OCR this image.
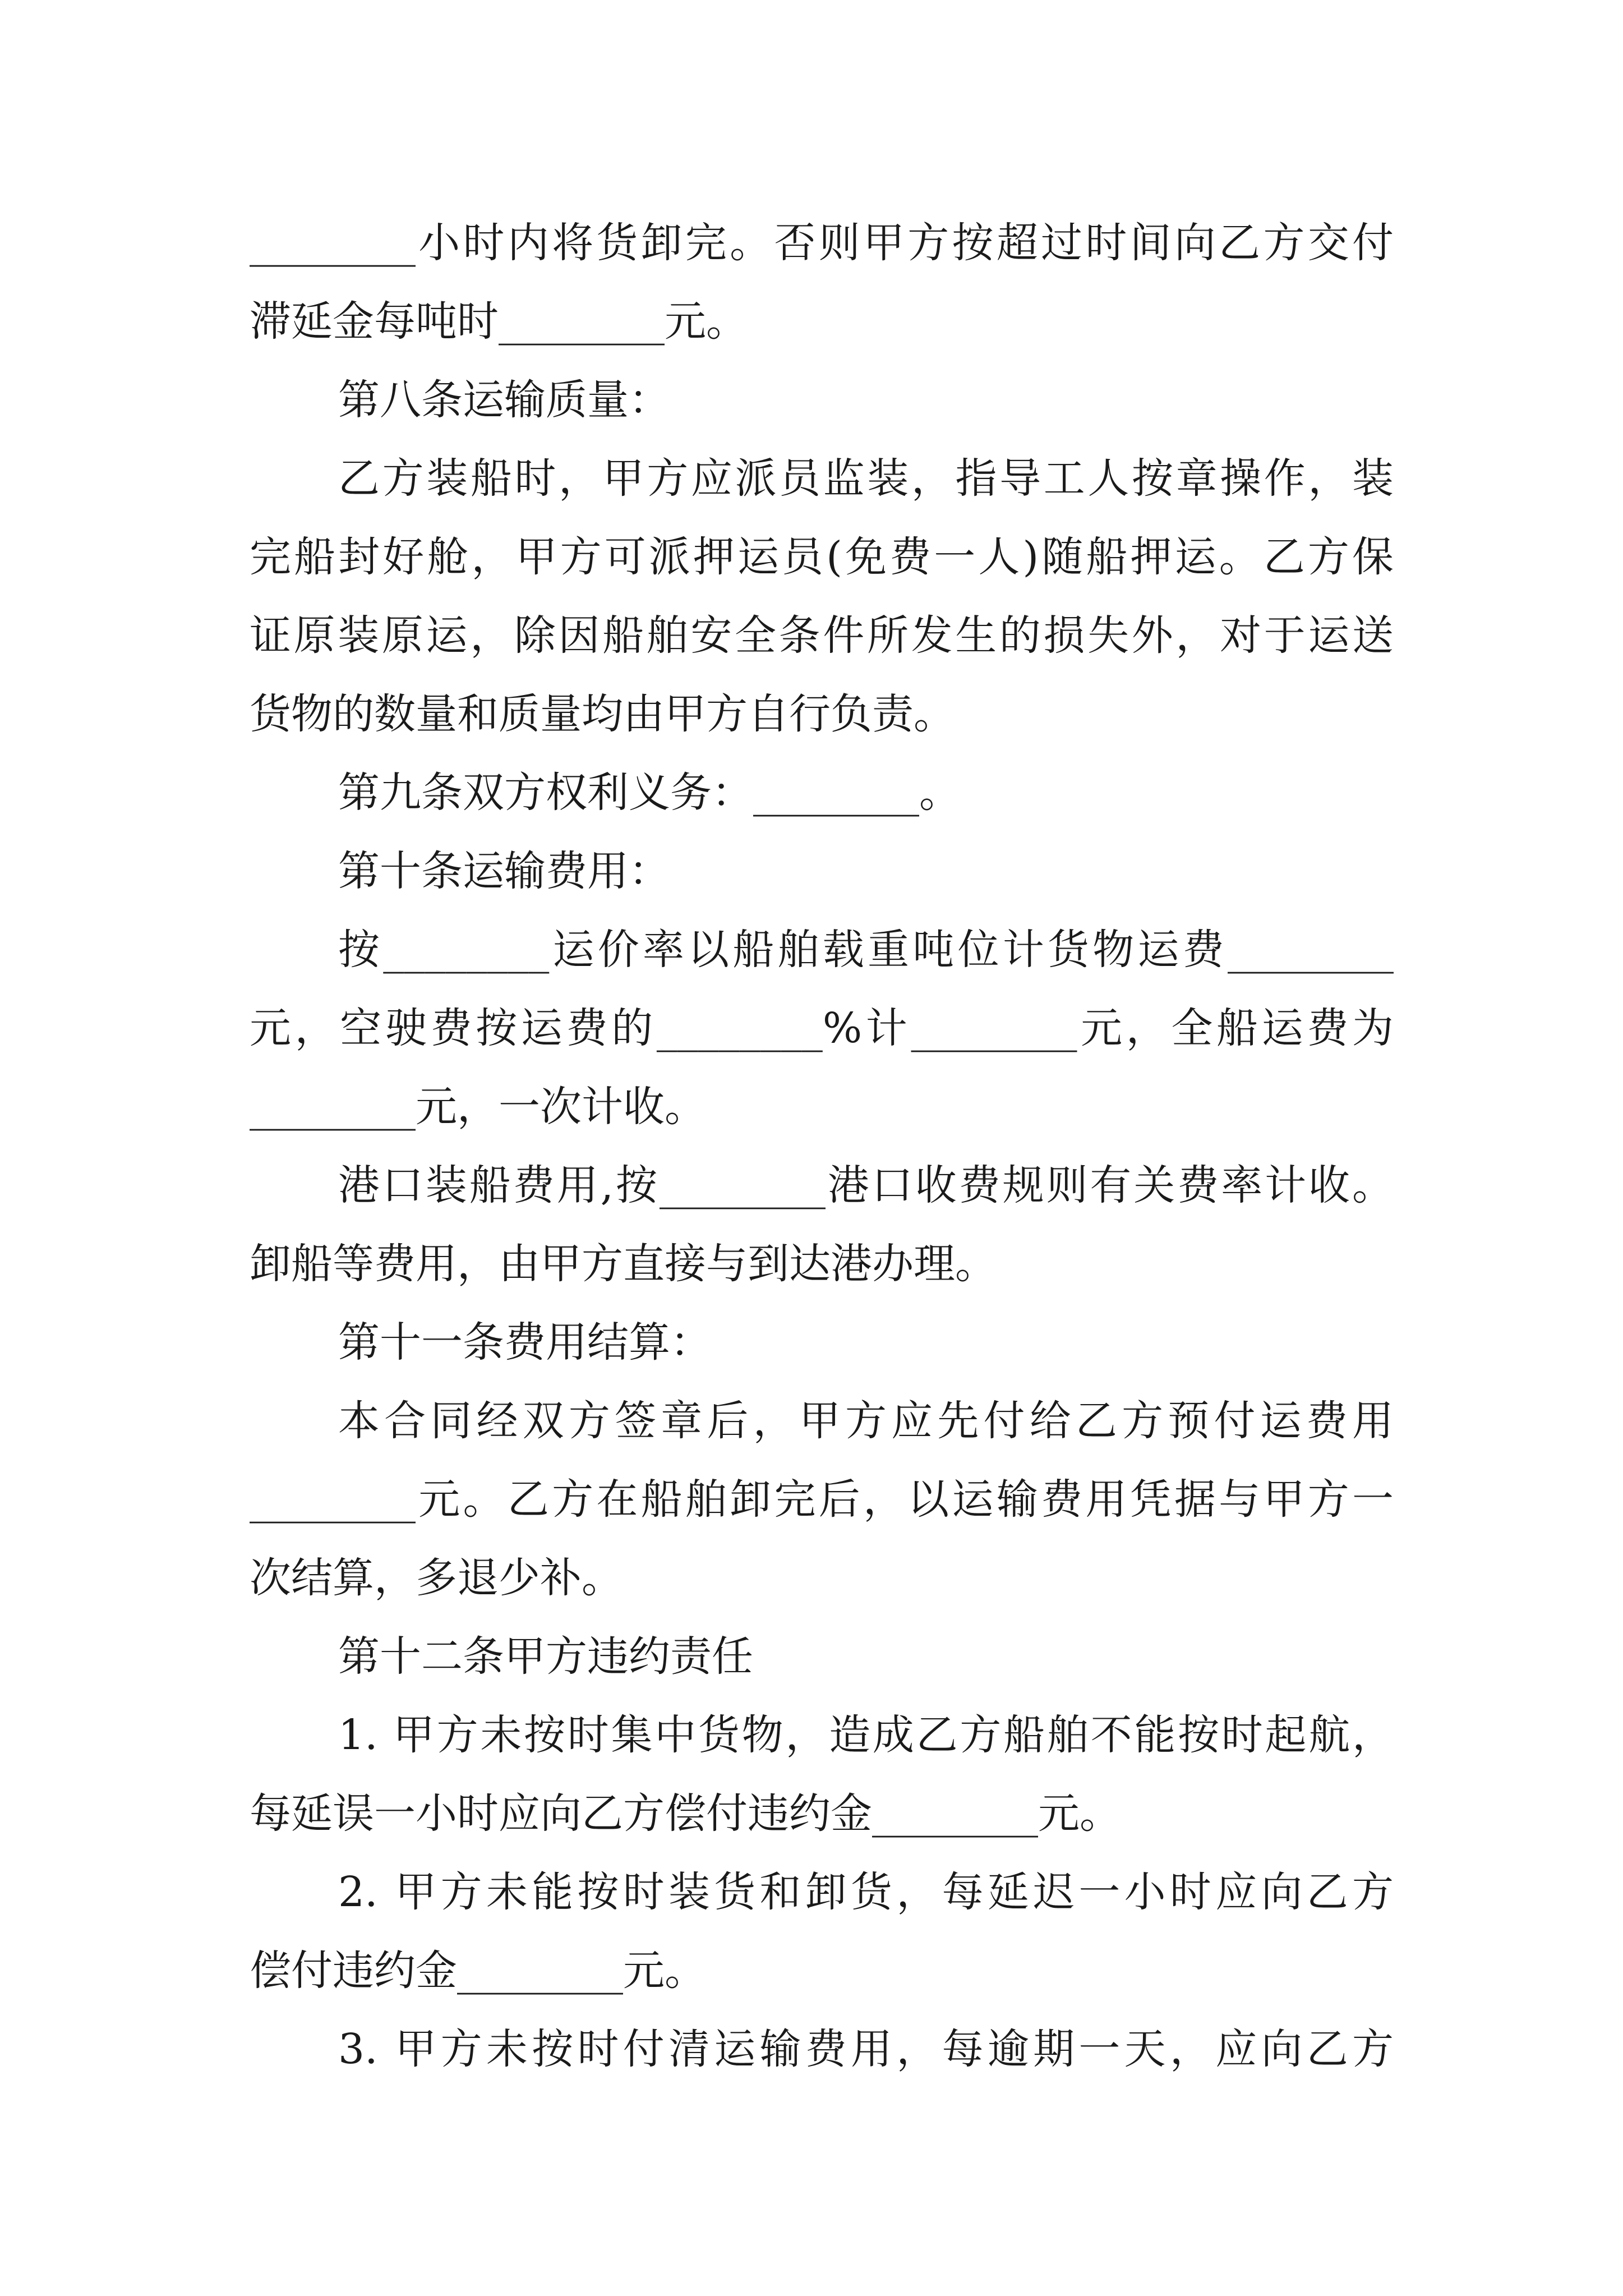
________小时内将货卸完。否则甲方按超过时间向乙方交付
滞延金每吨时________元。
第八条运输质量：
乙方装船时，甲方应派员监装，指导工人按章操作，装
完船封好舱，甲方可派押运员(免费一人)随船押运。乙方保
证原装原运，除因船舶安全条件所发生的损失外，对于运送
货物的数量和质量均由甲方自行负责。
第九条双方权利义务：________。
第十条运输费用：
按________运价率以船舶载重吨位计货物运费________
元，空驶费按运费的________%计________元，全船运费为
________元，一次计收。
港口装船费用,按________港口收费规则有关费率计收。
卸船等费用，由甲方直接与到达港办理。
第十一条费用结算：
本合同经双方签章后，甲方应先付给乙方预付运费用
________元。乙方在船舶卸完后，以运输费用凭据与甲方一
次结算，多退少补。
第十二条甲方违约责任
1. 甲方未按时集中货物，造成乙方船舶不能按时起航，
每延误一小时应向乙方偿付违约金________元。
2. 甲方未能按时装货和卸货，每延迟一小时应向乙方
偿付违约金________元。
3. 甲方未按时付清运输费用，每逾期一天，应向乙方
